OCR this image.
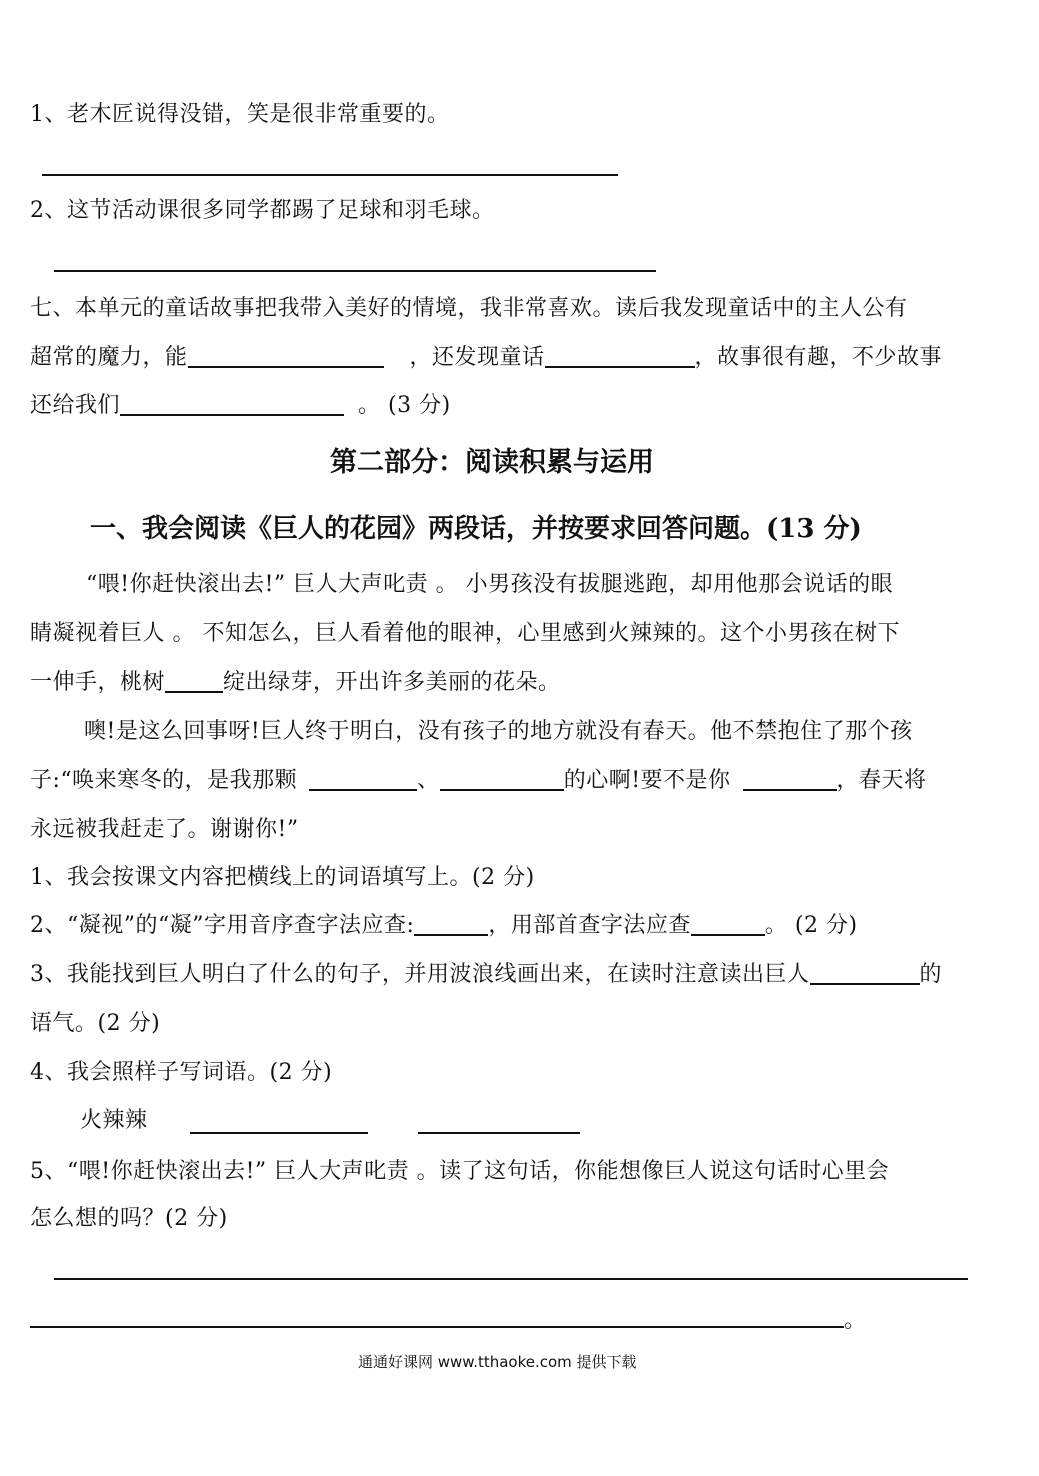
1、老木匠说得没错，笑是很非常重要的。
2、这节活动课很多同学都踢了足球和羽毛球。
七、本单元的童话故事把我带入美好的情境，我非常喜欢。读后我发现童话中的主人公有
超常的魔力，能	，还发现童话	，故事很有趣，不少故事
还给我们	。 (3 分)
第二部分：阅读积累与运用
一、我会阅读《巨人的花园》两段话，并按要求回答问题。(13 分)
“喂!你赶快滚出去!” 巨人大声叱责 。 小男孩没有拔腿逃跑，却用他那会说话的眼
睛凝视着巨人 。 不知怎么，巨人看着他的眼神，心里感到火辣辣的。这个小男孩在树下
一伸手，桃树	绽出绿芽，开出许多美丽的花朵。
噢!是这么回事呀!巨人终于明白，没有孩子的地方就没有春天。他不禁抱住了那个孩
子:“唤来寒冬的，是我那颗	、	的心啊!要不是你	，春天将
永远被我赶走了。谢谢你!”
1、我会按课文内容把横线上的词语填写上。(2 分)
2、“凝视”的“凝”字用音序查字法应查:	，用部首查字法应查	。 (2 分)
3、我能找到巨人明白了什么的句子，并用波浪线画出来，在读时注意读出巨人	的
语气。(2 分)
4、我会照样子写词语。(2 分)
火辣辣
5、“喂!你赶快滚出去!” 巨人大声叱责 。读了这句话，你能想像巨人说这句话时心里会
怎么想的吗？(2 分)
。
通通好课网 www.tthaoke.com 提供下载
